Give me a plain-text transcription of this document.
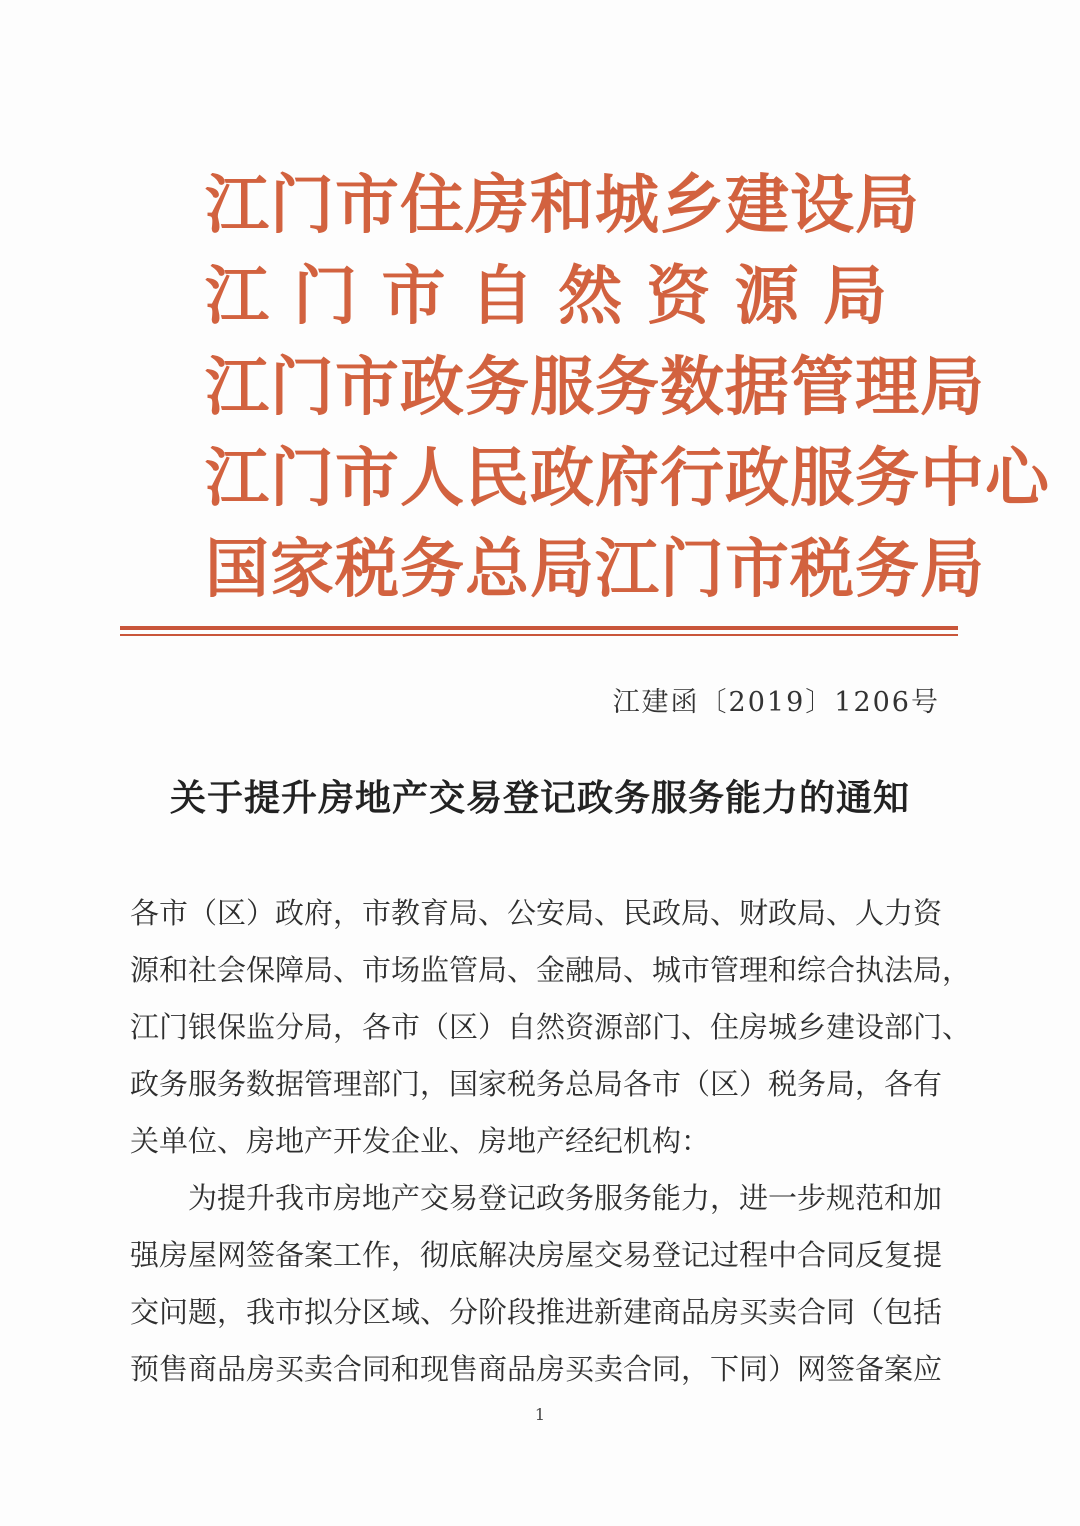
江门市住房和城乡建设局
江 门 市 自 然 资 源 局
江门市政务服务数据管理局
江门市人民政府行政服务中心
国家税务总局江门市税务局
江建函〔2019〕1206号
关于提升房地产交易登记政务服务能力的通知
各市（区）政府，市教育局、公安局、民政局、财政局、人力资
源和社会保障局、市场监管局、金融局、城市管理和综合执法局，
江门银保监分局，各市（区）自然资源部门、住房城乡建设部门、
政务服务数据管理部门，国家税务总局各市（区）税务局，各有
关单位、房地产开发企业、房地产经纪机构：
为提升我市房地产交易登记政务服务能力，进一步规范和加
强房屋网签备案工作，彻底解决房屋交易登记过程中合同反复提
交问题，我市拟分区域、分阶段推进新建商品房买卖合同（包括
预售商品房买卖合同和现售商品房买卖合同，下同）网签备案应
1
